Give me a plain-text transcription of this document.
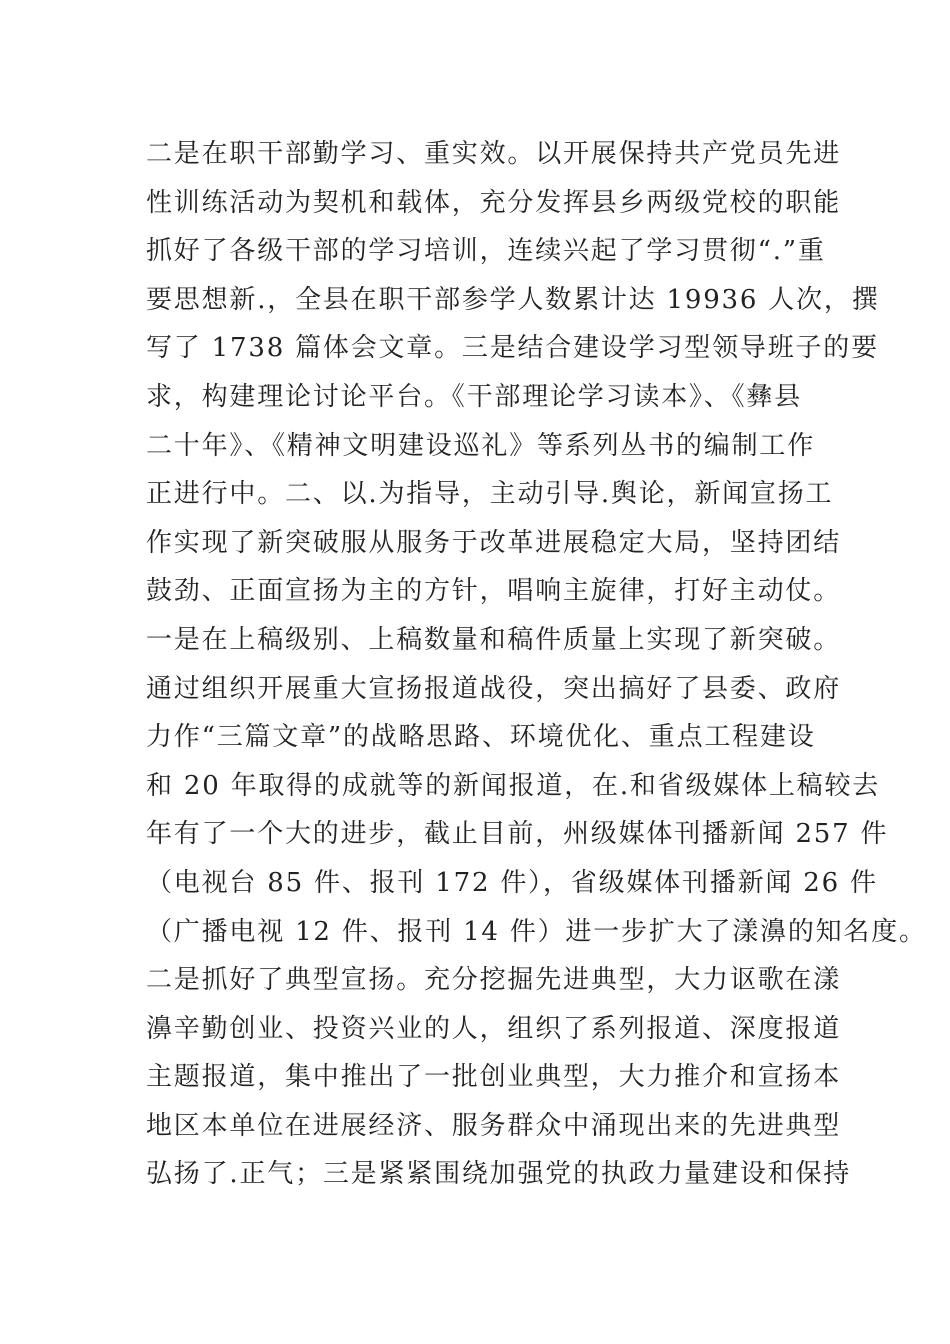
二是在职干部勤学习、重实效。以开展保持共产党员先进
性训练活动为契机和载体，充分发挥县乡两级党校的职能
抓好了各级干部的学习培训，连续兴起了学习贯彻“.”重
要思想新.，全县在职干部参学人数累计达 19936 人次，撰
写了 1738 篇体会文章。三是结合建设学习型领导班子的要
求，构建理论讨论平台。《干部理论学习读本》、《彝县
二十年》、《精神文明建设巡礼》等系列丛书的编制工作
正进行中。二、以.为指导，主动引导.舆论，新闻宣扬工
作实现了新突破服从服务于改革进展稳定大局，坚持团结
鼓劲、正面宣扬为主的方针，唱响主旋律，打好主动仗。
一是在上稿级别、上稿数量和稿件质量上实现了新突破。
通过组织开展重大宣扬报道战役，突出搞好了县委、政府
力作“三篇文章”的战略思路、环境优化、重点工程建设
和 20 年取得的成就等的新闻报道，在.和省级媒体上稿较去
年有了一个大的进步，截止目前，州级媒体刊播新闻 257 件
（电视台 85 件、报刊 172 件），省级媒体刊播新闻 26 件
（广播电视 12 件、报刊 14 件）进一步扩大了漾濞的知名度。
二是抓好了典型宣扬。充分挖掘先进典型，大力讴歌在漾
濞辛勤创业、投资兴业的人，组织了系列报道、深度报道
主题报道，集中推出了一批创业典型，大力推介和宣扬本
地区本单位在进展经济、服务群众中涌现出来的先进典型
弘扬了.正气；三是紧紧围绕加强党的执政力量建设和保持
